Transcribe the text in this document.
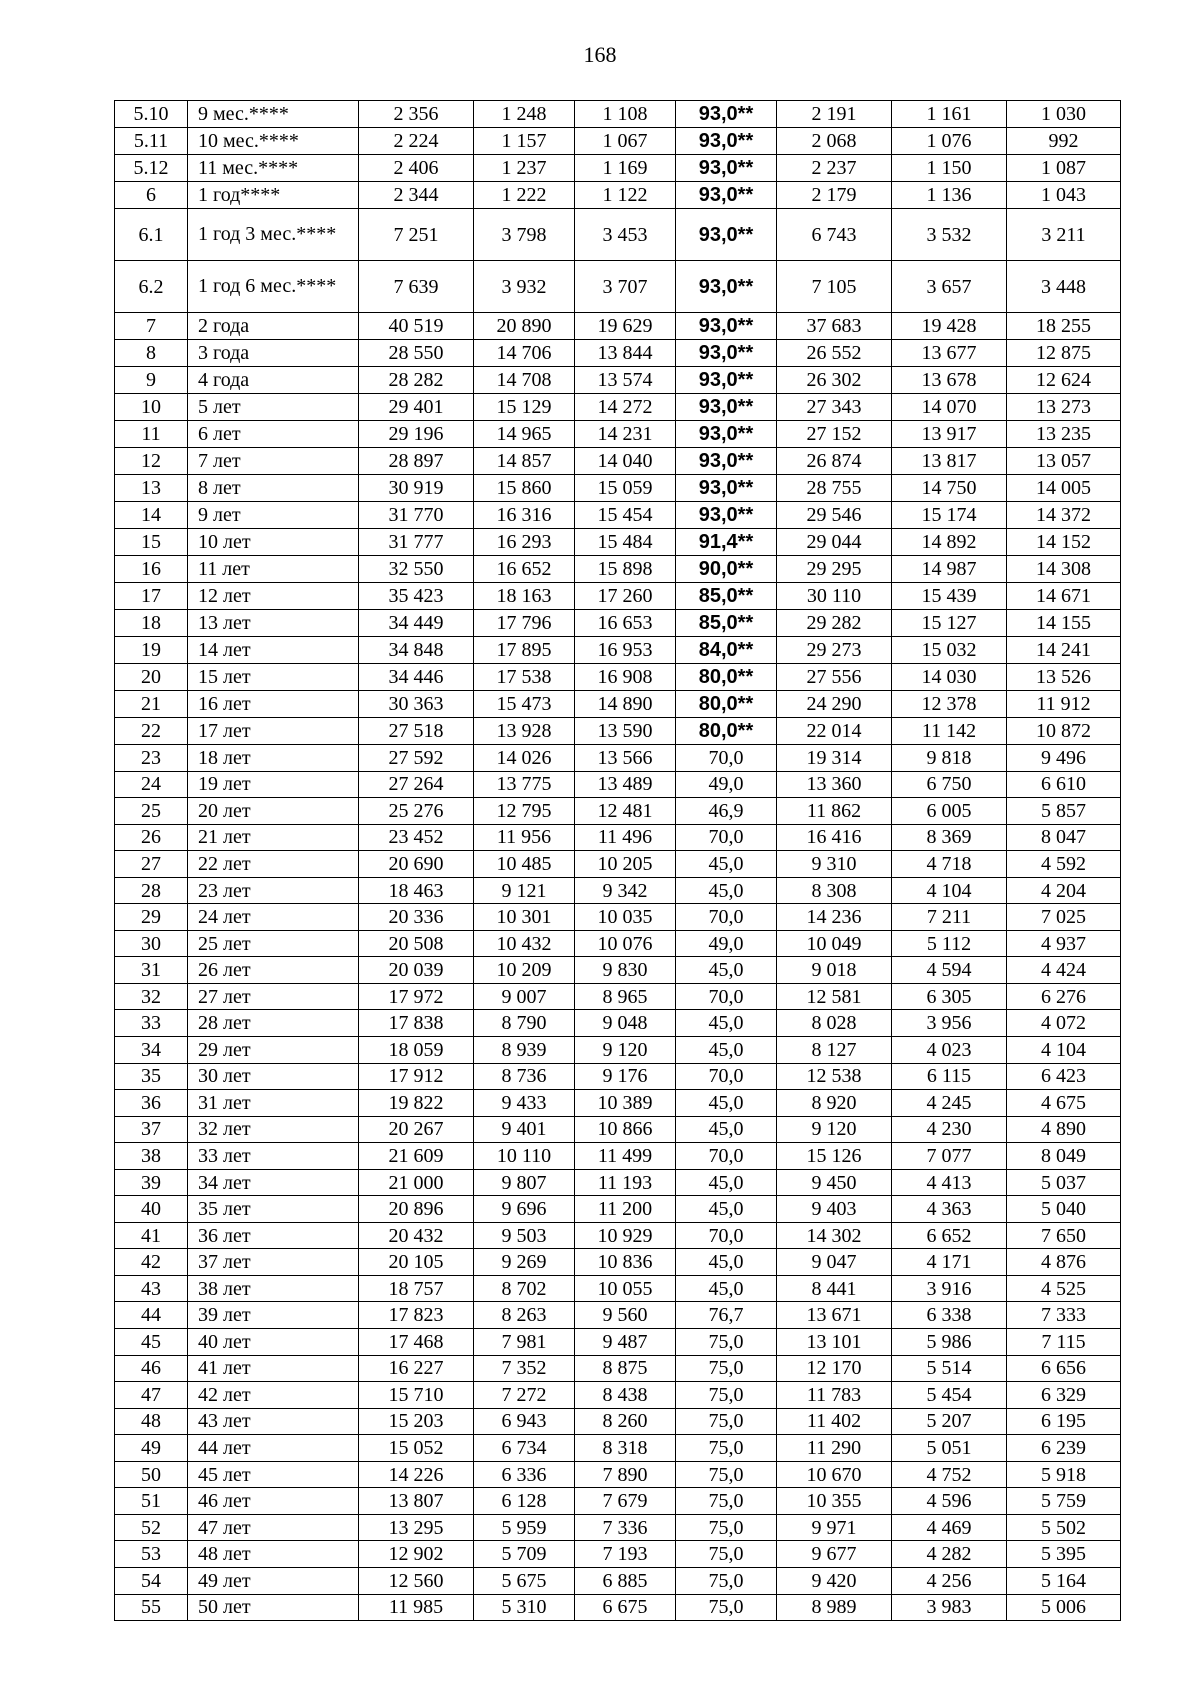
168
5.10	9 мес.****	2 356	1 248	1 108	93,0**	2 191	1 161	1 030
5.11	10 мес.****	2 224	1 157	1 067	93,0**	2 068	1 076	992
5.12	11 мес.****	2 406	1 237	1 169	93,0**	2 237	1 150	1 087
6	1 год****	2 344	1 222	1 122	93,0**	2 179	1 136	1 043
6.1	1 год 3 мес.****	7 251	3 798	3 453	93,0**	6 743	3 532	3 211
6.2	1 год 6 мес.****	7 639	3 932	3 707	93,0**	7 105	3 657	3 448
7	2 года	40 519	20 890	19 629	93,0**	37 683	19 428	18 255
8	3 года	28 550	14 706	13 844	93,0**	26 552	13 677	12 875
9	4 года	28 282	14 708	13 574	93,0**	26 302	13 678	12 624
10	5 лет	29 401	15 129	14 272	93,0**	27 343	14 070	13 273
11	6 лет	29 196	14 965	14 231	93,0**	27 152	13 917	13 235
12	7 лет	28 897	14 857	14 040	93,0**	26 874	13 817	13 057
13	8 лет	30 919	15 860	15 059	93,0**	28 755	14 750	14 005
14	9 лет	31 770	16 316	15 454	93,0**	29 546	15 174	14 372
15	10 лет	31 777	16 293	15 484	91,4**	29 044	14 892	14 152
16	11 лет	32 550	16 652	15 898	90,0**	29 295	14 987	14 308
17	12 лет	35 423	18 163	17 260	85,0**	30 110	15 439	14 671
18	13 лет	34 449	17 796	16 653	85,0**	29 282	15 127	14 155
19	14 лет	34 848	17 895	16 953	84,0**	29 273	15 032	14 241
20	15 лет	34 446	17 538	16 908	80,0**	27 556	14 030	13 526
21	16 лет	30 363	15 473	14 890	80,0**	24 290	12 378	11 912
22	17 лет	27 518	13 928	13 590	80,0**	22 014	11 142	10 872
23	18 лет	27 592	14 026	13 566	70,0	19 314	9 818	9 496
24	19 лет	27 264	13 775	13 489	49,0	13 360	6 750	6 610
25	20 лет	25 276	12 795	12 481	46,9	11 862	6 005	5 857
26	21 лет	23 452	11 956	11 496	70,0	16 416	8 369	8 047
27	22 лет	20 690	10 485	10 205	45,0	9 310	4 718	4 592
28	23 лет	18 463	9 121	9 342	45,0	8 308	4 104	4 204
29	24 лет	20 336	10 301	10 035	70,0	14 236	7 211	7 025
30	25 лет	20 508	10 432	10 076	49,0	10 049	5 112	4 937
31	26 лет	20 039	10 209	9 830	45,0	9 018	4 594	4 424
32	27 лет	17 972	9 007	8 965	70,0	12 581	6 305	6 276
33	28 лет	17 838	8 790	9 048	45,0	8 028	3 956	4 072
34	29 лет	18 059	8 939	9 120	45,0	8 127	4 023	4 104
35	30 лет	17 912	8 736	9 176	70,0	12 538	6 115	6 423
36	31 лет	19 822	9 433	10 389	45,0	8 920	4 245	4 675
37	32 лет	20 267	9 401	10 866	45,0	9 120	4 230	4 890
38	33 лет	21 609	10 110	11 499	70,0	15 126	7 077	8 049
39	34 лет	21 000	9 807	11 193	45,0	9 450	4 413	5 037
40	35 лет	20 896	9 696	11 200	45,0	9 403	4 363	5 040
41	36 лет	20 432	9 503	10 929	70,0	14 302	6 652	7 650
42	37 лет	20 105	9 269	10 836	45,0	9 047	4 171	4 876
43	38 лет	18 757	8 702	10 055	45,0	8 441	3 916	4 525
44	39 лет	17 823	8 263	9 560	76,7	13 671	6 338	7 333
45	40 лет	17 468	7 981	9 487	75,0	13 101	5 986	7 115
46	41 лет	16 227	7 352	8 875	75,0	12 170	5 514	6 656
47	42 лет	15 710	7 272	8 438	75,0	11 783	5 454	6 329
48	43 лет	15 203	6 943	8 260	75,0	11 402	5 207	6 195
49	44 лет	15 052	6 734	8 318	75,0	11 290	5 051	6 239
50	45 лет	14 226	6 336	7 890	75,0	10 670	4 752	5 918
51	46 лет	13 807	6 128	7 679	75,0	10 355	4 596	5 759
52	47 лет	13 295	5 959	7 336	75,0	9 971	4 469	5 502
53	48 лет	12 902	5 709	7 193	75,0	9 677	4 282	5 395
54	49 лет	12 560	5 675	6 885	75,0	9 420	4 256	5 164
55	50 лет	11 985	5 310	6 675	75,0	8 989	3 983	5 006
